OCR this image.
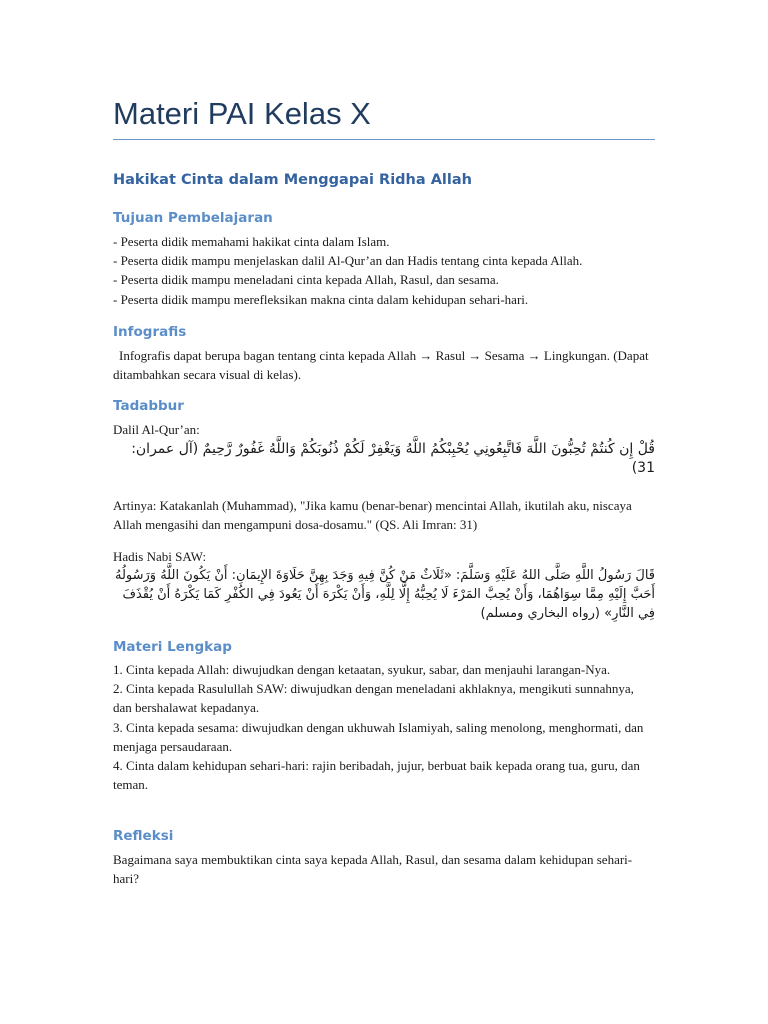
Materi PAI Kelas X
Hakikat Cinta dalam Menggapai Ridha Allah
Tujuan Pembelajaran

- Peserta didik memahami hakikat cinta dalam Islam.

- Peserta didik mampu menjelaskan dalil Al-Qur’an dan Hadis tentang cinta kepada Allah.

- Peserta didik mampu meneladani cinta kepada Allah, Rasul, dan sesama.

- Peserta didik mampu merefleksikan makna cinta dalam kehidupan sehari-hari.

Infografis

Infografis dapat berupa bagan tentang cinta kepada Allah → Rasul → Sesama → Lingkungan. (Dapat ditambahkan secara visual di kelas).

Tadabbur

Dalil Al-Qur’an:

قُلْ إِن كُنتُمْ تُحِبُّونَ اللَّهَ فَاتَّبِعُونِي يُحْبِبْكُمُ اللَّهُ وَيَغْفِرْ لَكُمْ ذُنُوبَكُمْ وَاللَّهُ غَفُورٌ رَّحِيمٌ (آل عمران: 31)

Artinya: Katakanlah (Muhammad), "Jika kamu (benar-benar) mencintai Allah, ikutilah aku, niscaya Allah mengasihi dan mengampuni dosa-dosamu." (QS. Ali Imran: 31)

Hadis Nabi SAW:

قَالَ رَسُولُ اللَّهِ صَلَّى اللهُ عَلَيْهِ وَسَلَّمَ: «ثَلَاثٌ مَنْ كُنَّ فِيهِ وَجَدَ بِهِنَّ حَلَاوَةَ الإِيمَانِ: أَنْ يَكُونَ اللَّهُ وَرَسُولُهُ أَحَبَّ إِلَيْهِ مِمَّا سِوَاهُمَا، وَأَنْ يُحِبَّ المَرْءَ لَا يُحِبُّهُ إِلَّا لِلَّهِ، وَأَنْ يَكْرَهَ أَنْ يَعُودَ فِي الكُفْرِ كَمَا يَكْرَهُ أَنْ يُقْذَفَ فِي النَّارِ» (رواه البخاري ومسلم)

Materi Lengkap

1. Cinta kepada Allah: diwujudkan dengan ketaatan, syukur, sabar, dan menjauhi larangan-Nya.

2. Cinta kepada Rasulullah SAW: diwujudkan dengan meneladani akhlaknya, mengikuti sunnahnya, dan bershalawat kepadanya.

3. Cinta kepada sesama: diwujudkan dengan ukhuwah Islamiyah, saling menolong, menghormati, dan menjaga persaudaraan.

4. Cinta dalam kehidupan sehari-hari: rajin beribadah, jujur, berbuat baik kepada orang tua, guru, dan teman.

Refleksi

Bagaimana saya membuktikan cinta saya kepada Allah, Rasul, dan sesama dalam kehidupan sehari-hari?
